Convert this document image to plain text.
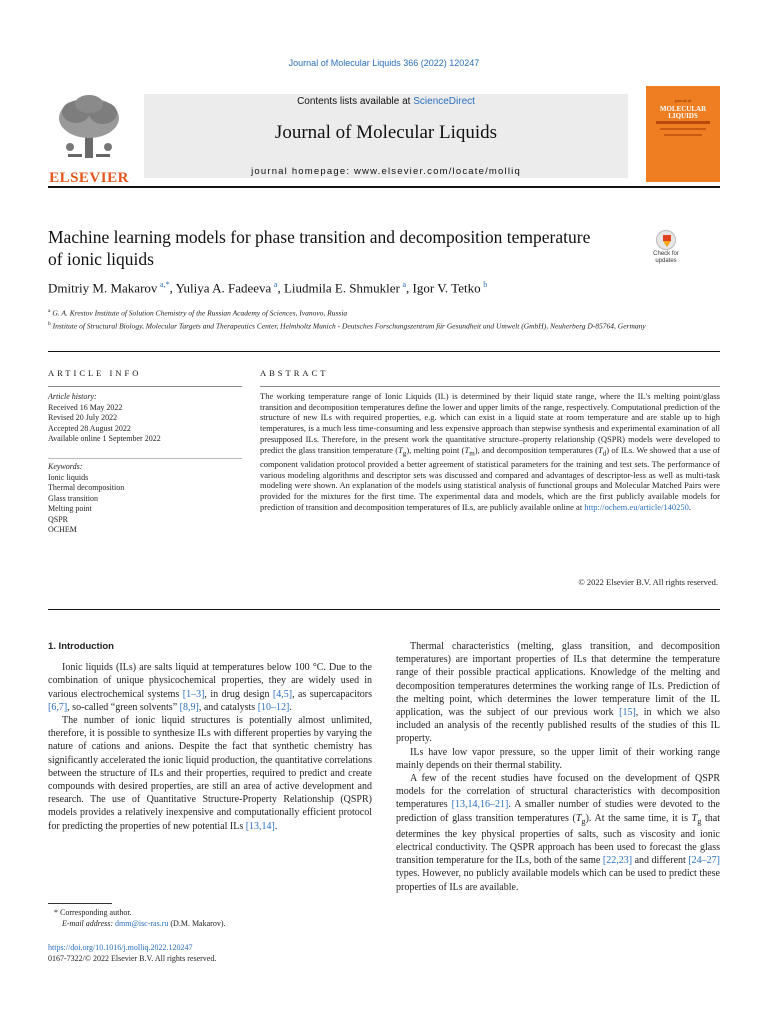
Journal of Molecular Liquids 366 (2022) 120247
ELSEVIER
Contents lists available at ScienceDirect
Journal of Molecular Liquids
journal homepage: www.elsevier.com/locate/molliq
journal of
MOLECULAR LIQUIDS
Machine learning models for phase transition and decomposition temperature of ionic liquids	Check for updates
Dmitriy M. Makarov  $^{a,*}$, Yuliya A. Fadeeva  $^a$, Liudmila E. Shmukler  $^a$, Igor V. Tetko  $^b$
$^a$ G. A. Krestov Institute of Solution Chemistry of the Russian Academy of Sciences, Ivanovo, Russia
$^b$ Institute of Structural Biology, Molecular Targets and Therapeutics Center, Helmholtz Munich - Deutsches Forschungszentrum für Gesundheit und Umwelt (GmbH), Neuherberg D-85764, Germany
ARTICLE INFO
Article history:
Received 16 May 2022
Revised 20 July 2022
Accepted 28 August 2022
Available online 1 September 2022
Keywords:
Ionic liquids
Thermal decomposition
Glass transition
Melting point
QSPR
OCHEM
ABSTRACT
The working temperature range of Ionic Liquids (IL) is determined by their liquid state range, where the IL's melting point/glass transition and decomposition temperatures define the lower and upper limits of the range, respectively. Computational prediction of the structure of new ILs with required properties, e.g. which can exist in a liquid state at room temperature and are stable up to high temperatures, is a much less time-consuming and less expensive approach than stepwise synthesis and experimental examination of all presupposed ILs. Therefore, in the present work the quantitative structure–property relationship (QSPR) models were developed to predict the glass transition temperature $(T_g)$, melting point $(T_m)$, and decomposition temperatures $(T_d)$ of ILs. We showed that a use of component validation protocol provided a better agreement of statistical parameters for the training and test sets. The performance of various modeling algorithms and descriptor sets was discussed and compared and advantages of descriptor-less as well as multi-task modeling were shown. An explanation of the models using statistical analysis of functional groups and Molecular Matched Pairs were provided for the mixtures for the first time. The experimental data and models, which are the first publicly available models for prediction of transition and decomposition temperatures of ILs, are publicly available online at http://ochem.eu/article/140250.
© 2022 Elsevier B.V. All rights reserved.
1. Introduction

Ionic liquids (ILs) are salts liquid at temperatures below 100 °C. Due to the combination of unique physicochemical properties, they are widely used in various electrochemical systems [1–3], in drug design [4,5], as supercapacitors [6,7], so-called “green solvents” [8,9], and catalysts [10–12].

The number of ionic liquid structures is potentially almost unlimited, therefore, it is possible to synthesize ILs with different properties by varying the nature of cations and anions. Despite the fact that synthetic chemistry has significantly accelerated the ionic liquid production, the quantitative correlations between the structure of ILs and their properties, required to predict and create compounds with desired properties, are still an area of active development and research. The use of Quantitative Structure-Property Relationship (QSPR) models provides a relatively inexpensive and computationally efficient protocol for predicting the properties of new potential ILs [13,14].

Thermal characteristics (melting, glass transition, and decomposition temperatures) are important properties of ILs that determine the temperature range of their possible practical applications. Knowledge of the melting and decomposition temperatures determines the working range of ILs. Prediction of the melting point, which determines the lower temperature limit of the IL application, was the subject of our previous work [15], in which we also included an analysis of the recently published results of the studies of this IL property.

ILs have low vapor pressure, so the upper limit of their working range mainly depends on their thermal stability.

A few of the recent studies have focused on the development of QSPR models for the correlation of structural characteristics with decomposition temperatures [13,14,16–21]. A smaller number of studies were devoted to the prediction of glass transition temperatures $(T_g)$. At the same time, it is $T_g$ that determines the key physical properties of salts, such as viscosity and ionic electrical conductivity. The QSPR approach has been used to forecast the glass transition temperature for the ILs, both of the same [22,23] and different [24–27] types. However, no publicly available models which can be used to predict these properties of ILs are available.

* Corresponding author.
E-mail address: dmm@isc-ras.ru (D.M. Makarov).
https://doi.org/10.1016/j.molliq.2022.120247
0167-7322/© 2022 Elsevier B.V. All rights reserved.
